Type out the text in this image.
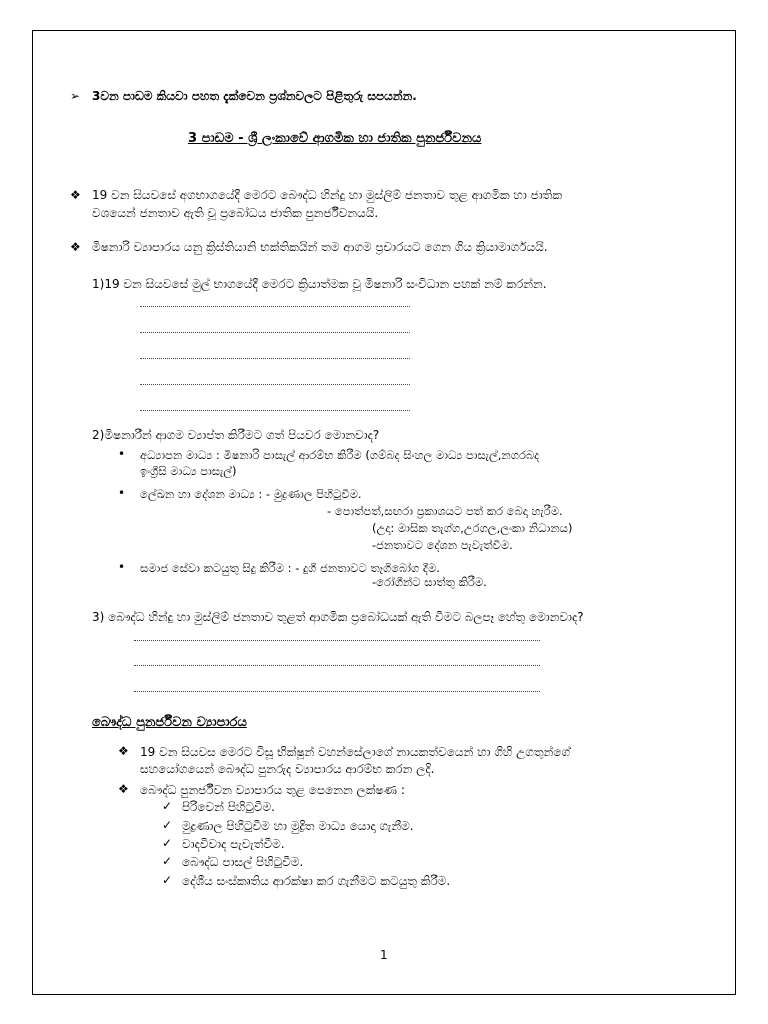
➢ 3වන පාඩම කියවා පහත දැක්වෙන ප්‍රශ්නවලට පිළිතුරු සපයන්න.
3 පාඩම - ශ්‍රී ලංකාවේ ආගමික හා ජාතික පුනර්ජීවනය
❖ 19 වන සියවසේ අගභාගයේදී මෙරට බෞද්ධ හින්දු හා මුස්ලිම් ජනතාව තුළ ආගමික හා ජාතික
වශයෙන් ජනතාව ඇති වූ ප්‍රබෝධය ජාතික පුනර්ජීවනයයි.
❖ මිෂනාරි ව්‍යාපාරය යනු ක්‍රිස්තියානි භක්තිකයින් තම ආගම ප්‍රචාරයට ගෙන ගිය ක්‍රියාමාර්ගයයි.
1)19 වන සියවසේ මුල් භාගයේදී මෙරට ක්‍රියාත්මක වූ මිෂනාරි සංවිධාන පහක් නම් කරන්න.
2)මිෂනාරීන් ආගම ව්‍යාප්ත කිරීමට ගත් පියවර මොනවාද?
• අධ්‍යාපන මාධ්‍ය : මිෂනාරි පාසැල් ආරම්භ කිරීම (ගම්බද සිංහල මාධ්‍ය පාසැල්,නගරබද
ඉංග්‍රීසි මාධ්‍ය පාසැල්)
• ලේඛන හා දේශන මාධ්‍ය : - මුද්‍රණාල පිහිටුවීම.
- පොත්පත්,සඟරා ප්‍රකාශයට පත් කර බෙදා හැරීම.
(උදා: මාසික තැග්ග,උරගල,ලංකා නිධානය)
-ජනතාවට දේශන පැවැත්වීම.
• සමාජ සේවා කටයුතු සිදු කිරීම : - දුගී ජනතාවට තෑගිබෝග දීම.
-රෝගීන්ට සාත්තු කිරීම.
3) බෞද්ධ හින්දු හා මුස්ලිම් ජනතාව තුළත් ආගමික ප්‍රබෝධයක් ඇති වීමට බලපෑ හේතු මොනවාද?
බෞද්ධ පුනර්ජීවන ව්‍යාපාරය
❖ 19 වන සියවස මෙරට විසූ භික්ෂූන් වහන්සේලාගේ නායකත්වයෙන් හා ගිහි උගතුන්ගේ
සහයෝගයෙන් බෞද්ධ පුනරුද ව්‍යාපාරය ආරම්භ කරන ලදි.
❖ බෞද්ධ පුනර්ජීවන ව්‍යාපාරය තුළ පෙනෙන ලක්ෂණ :
✓ පිරිවෙන් පිහිටුවීම.
✓ මුද්‍රණාල පිහිටුවීම හා මුද්‍රිත මාධ්‍ය යොදා ගැනීම.
✓ වාදවිවාද පැවැත්වීම.
✓ බෞද්ධ පාසල් පිහිටුවීම.
✓ දේශීය සංස්කෘතිය ආරක්ෂා කර ගැනීමට කටයුතු කිරීම.
1
